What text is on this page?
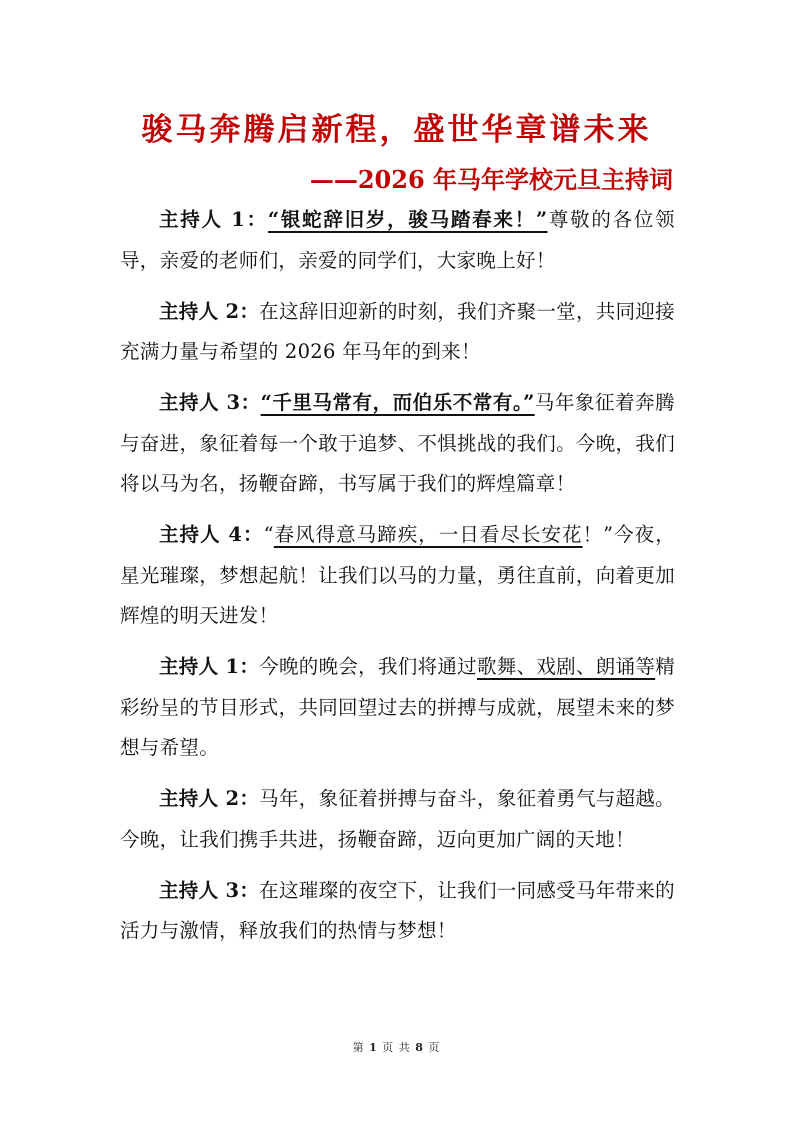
骏马奔腾启新程，盛世华章谱未来
——2026 年马年学校元旦主持词

主持人 1：“银蛇辞旧岁，骏马踏春来！”尊敬的各位领导，亲爱的老师们，亲爱的同学们，大家晚上好！

主持人 2：在这辞旧迎新的时刻，我们齐聚一堂，共同迎接充满力量与希望的 2026 年马年的到来！

主持人 3：“千里马常有，而伯乐不常有。”马年象征着奔腾与奋进，象征着每一个敢于追梦、不惧挑战的我们。今晚，我们将以马为名，扬鞭奋蹄，书写属于我们的辉煌篇章！

主持人 4：“春风得意马蹄疾，一日看尽长安花！”今夜，星光璀璨，梦想起航！让我们以马的力量，勇往直前，向着更加辉煌的明天进发！

主持人 1：今晚的晚会，我们将通过歌舞、戏剧、朗诵等精彩纷呈的节目形式，共同回望过去的拼搏与成就，展望未来的梦想与希望。

主持人 2：马年，象征着拼搏与奋斗，象征着勇气与超越。今晚，让我们携手共进，扬鞭奋蹄，迈向更加广阔的天地！

主持人 3：在这璀璨的夜空下，让我们一同感受马年带来的活力与激情，释放我们的热情与梦想！

第 1 页 共 8 页
